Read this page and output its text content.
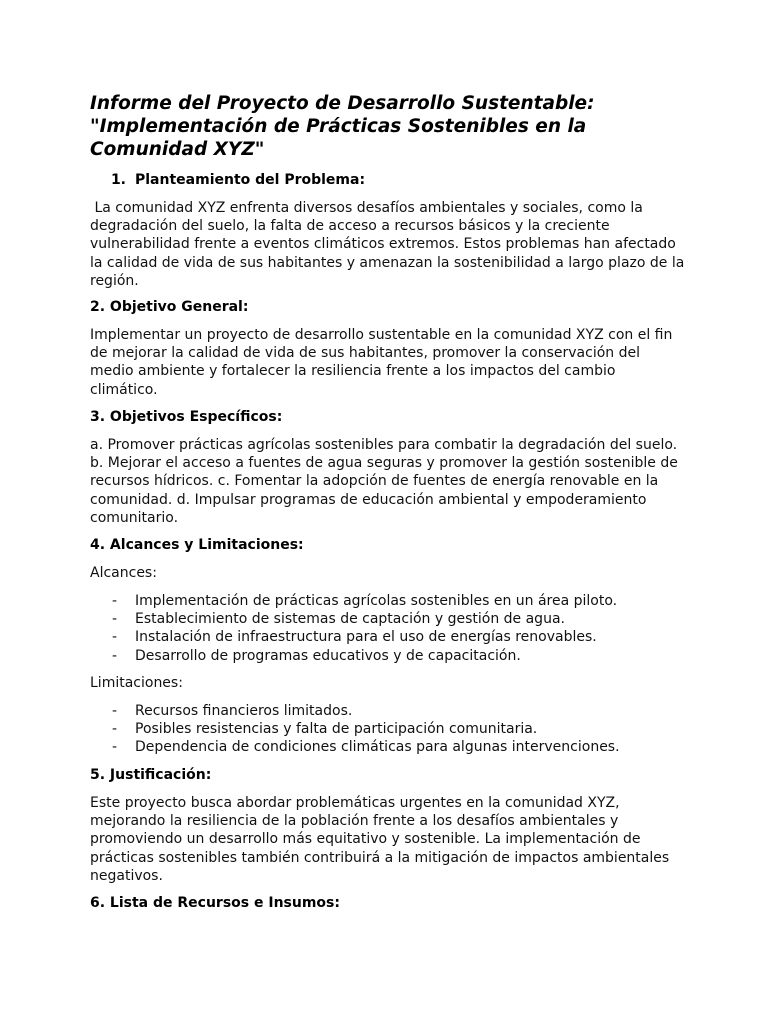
Informe del Proyecto de Desarrollo Sustentable:
"Implementación de Prácticas Sostenibles en la
Comunidad XYZ"

1. Planteamiento del Problema:

La comunidad XYZ enfrenta diversos desafíos ambientales y sociales, como la

degradación del suelo, la falta de acceso a recursos básicos y la creciente

vulnerabilidad frente a eventos climáticos extremos. Estos problemas han afectado

la calidad de vida de sus habitantes y amenazan la sostenibilidad a largo plazo de la

región.

2. Objetivo General:

Implementar un proyecto de desarrollo sustentable en la comunidad XYZ con el fin

de mejorar la calidad de vida de sus habitantes, promover la conservación del

medio ambiente y fortalecer la resiliencia frente a los impactos del cambio

climático.

3. Objetivos Específicos:

a. Promover prácticas agrícolas sostenibles para combatir la degradación del suelo.

b. Mejorar el acceso a fuentes de agua seguras y promover la gestión sostenible de

recursos hídricos. c. Fomentar la adopción de fuentes de energía renovable en la

comunidad. d. Impulsar programas de educación ambiental y empoderamiento

comunitario.

4. Alcances y Limitaciones:

Alcances:

- Implementación de prácticas agrícolas sostenibles en un área piloto.
- Establecimiento de sistemas de captación y gestión de agua.
- Instalación de infraestructura para el uso de energías renovables.
- Desarrollo de programas educativos y de capacitación.

Limitaciones:

- Recursos financieros limitados.
- Posibles resistencias y falta de participación comunitaria.
- Dependencia de condiciones climáticas para algunas intervenciones.

5. Justificación:

Este proyecto busca abordar problemáticas urgentes en la comunidad XYZ,

mejorando la resiliencia de la población frente a los desafíos ambientales y

promoviendo un desarrollo más equitativo y sostenible. La implementación de

prácticas sostenibles también contribuirá a la mitigación de impactos ambientales

negativos.

6. Lista de Recursos e Insumos:
